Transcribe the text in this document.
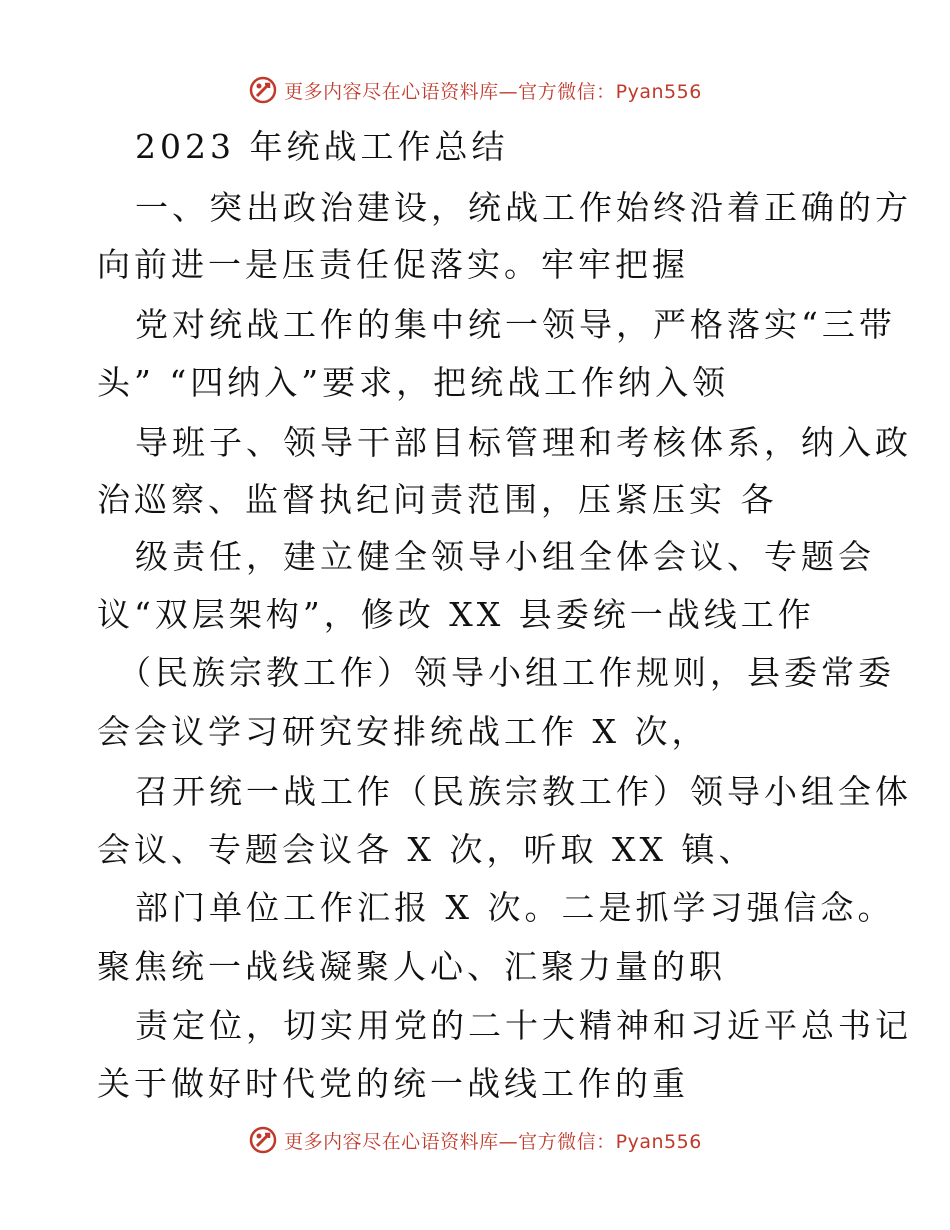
更多内容尽在心语资料库—官方微信：Pyan556
2023 年统战工作总结
一、突出政治建设，统战工作始终沿着正确的方
向前进一是压责任促落实。牢牢把握
党对统战工作的集中统一领导，严格落实“三带
头” “四纳入”要求，把统战工作纳入领
导班子、领导干部目标管理和考核体系，纳入政
治巡察、监督执纪问责范围，压紧压实 各
级责任，建立健全领导小组全体会议、专题会
议“双层架构”，修改 XX 县委统一战线工作
（民族宗教工作）领导小组工作规则，县委常委
会会议学习研究安排统战工作 X 次，
召开统一战工作（民族宗教工作）领导小组全体
会议、专题会议各 X 次，听取 XX 镇、
部门单位工作汇报 X 次。二是抓学习强信念。
聚焦统一战线凝聚人心、汇聚力量的职
责定位，切实用党的二十大精神和习近平总书记
关于做好时代党的统一战线工作的重
更多内容尽在心语资料库—官方微信：Pyan556
